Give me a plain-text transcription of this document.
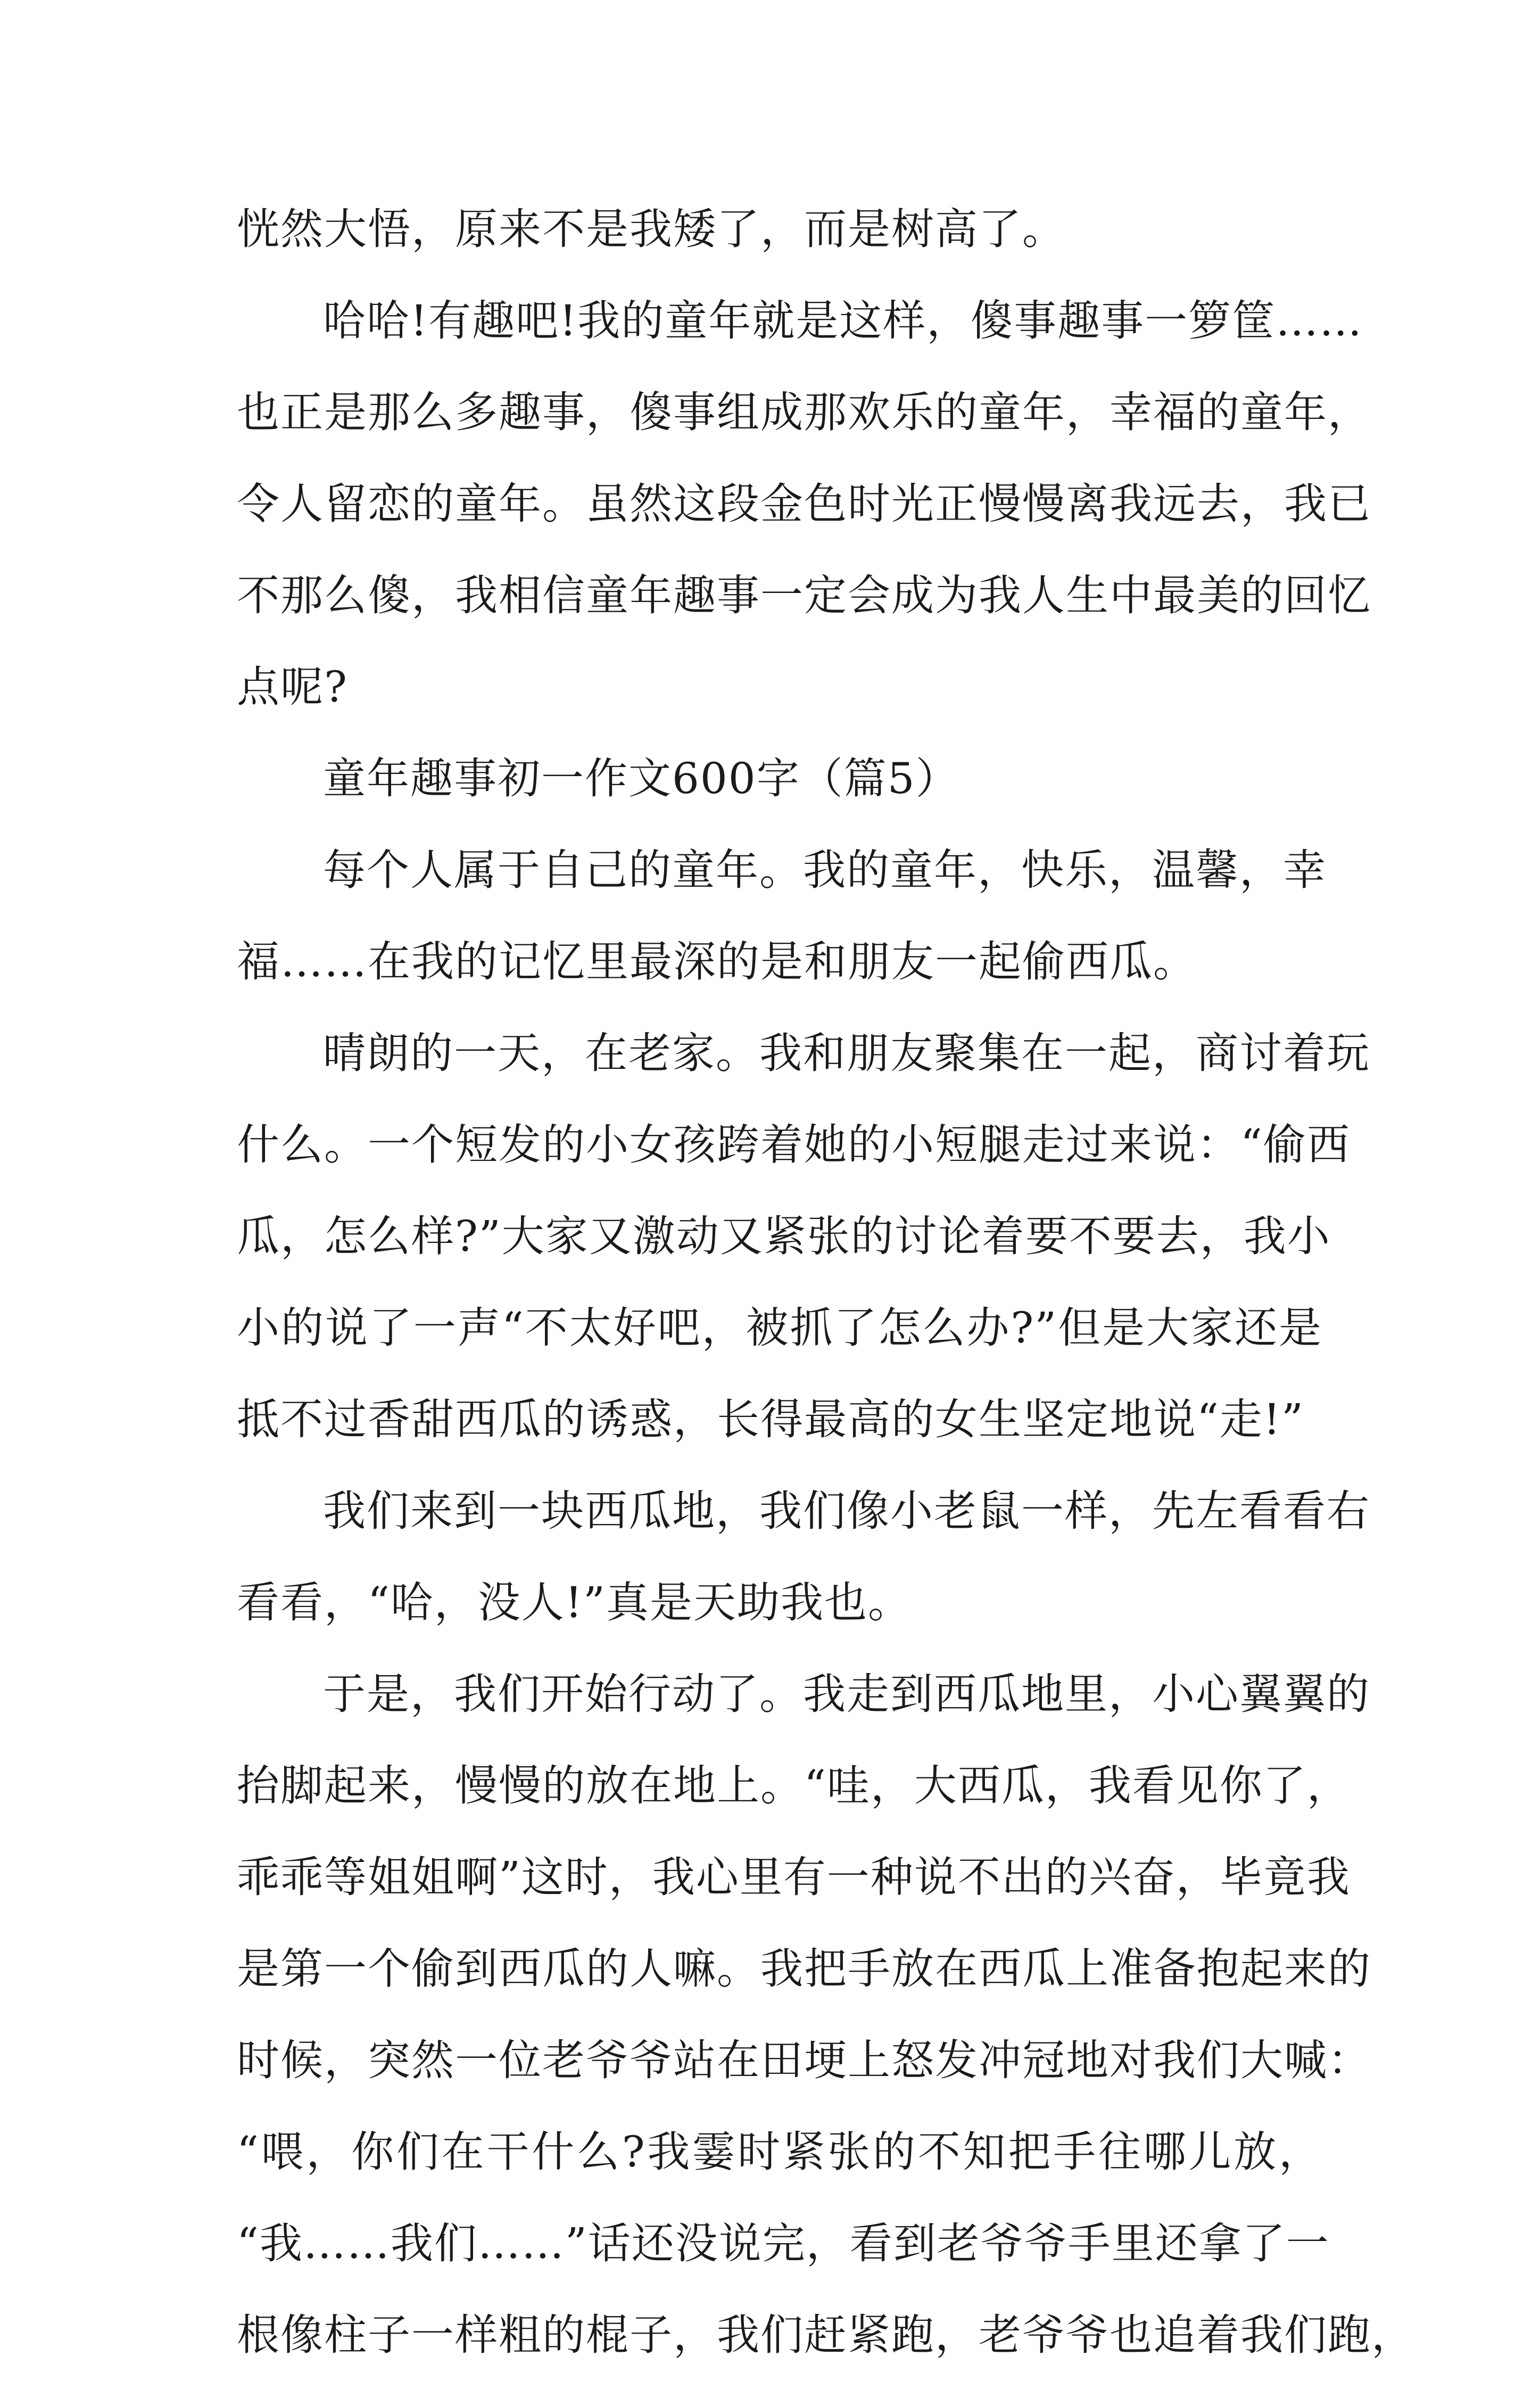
恍然大悟，原来不是我矮了，而是树高了。

哈哈!有趣吧!我的童年就是这样，傻事趣事一箩筐……
也正是那么多趣事，傻事组成那欢乐的童年，幸福的童年，
令人留恋的童年。虽然这段金色时光正慢慢离我远去，我已
不那么傻，我相信童年趣事一定会成为我人生中最美的回忆
点呢?

童年趣事初一作文600字（篇5）

每个人属于自己的童年。我的童年，快乐，温馨，幸
福……在我的记忆里最深的是和朋友一起偷西瓜。

晴朗的一天，在老家。我和朋友聚集在一起，商讨着玩
什么。一个短发的小女孩跨着她的小短腿走过来说：“偷西
瓜，怎么样?”大家又激动又紧张的讨论着要不要去，我小
小的说了一声“不太好吧，被抓了怎么办?”但是大家还是
抵不过香甜西瓜的诱惑，长得最高的女生坚定地说“走!”

我们来到一块西瓜地，我们像小老鼠一样，先左看看右
看看，“哈，没人!”真是天助我也。

于是，我们开始行动了。我走到西瓜地里，小心翼翼的
抬脚起来，慢慢的放在地上。“哇，大西瓜，我看见你了，
乖乖等姐姐啊”这时，我心里有一种说不出的兴奋，毕竟我
是第一个偷到西瓜的人嘛。我把手放在西瓜上准备抱起来的
时候，突然一位老爷爷站在田埂上怒发冲冠地对我们大喊：
“喂，你们在干什么?我霎时紧张的不知把手往哪儿放，
“我……我们……”话还没说完，看到老爷爷手里还拿了一
根像柱子一样粗的棍子，我们赶紧跑，老爷爷也追着我们跑，
